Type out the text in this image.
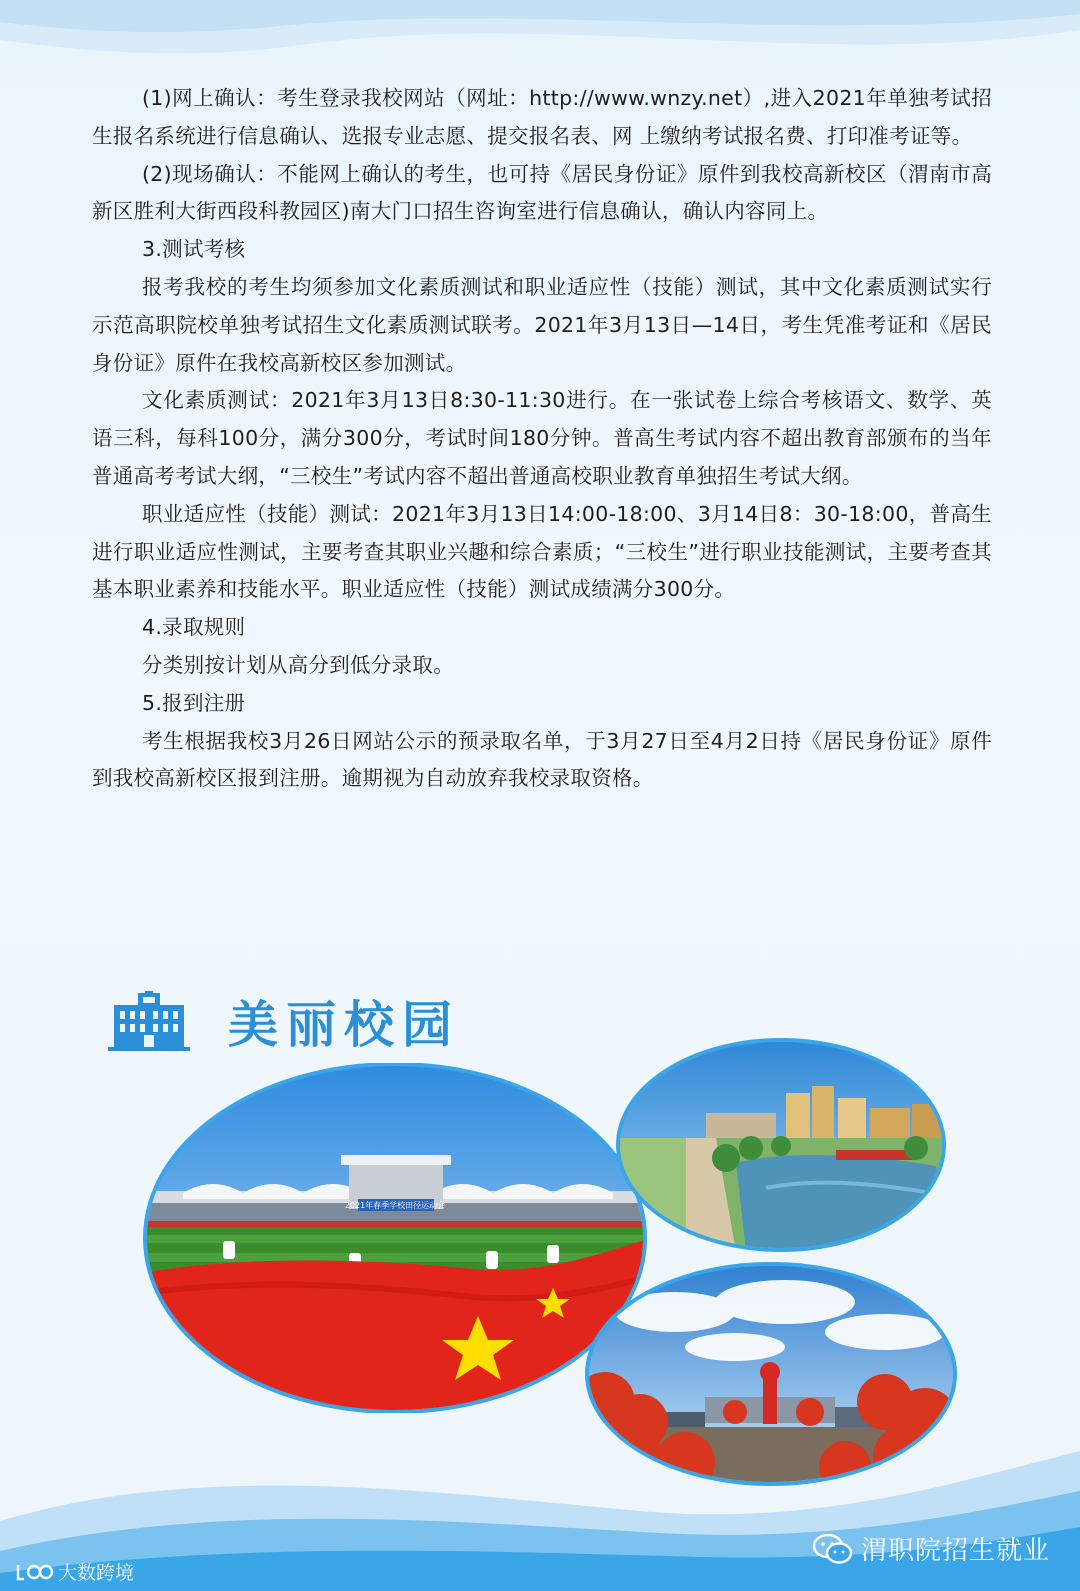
(1)网上确认：考生登录我校网站（网址：http://www.wnzy.net）,进入2021年单独考试招生报名系统进行信息确认、选报专业志愿、提交报名表、网 上缴纳考试报名费、打印准考证等。

(2)现场确认：不能网上确认的考生，也可持《居民身份证》原件到我校高新校区（渭南市高新区胜利大街西段科教园区)南大门口招生咨询室进行信息确认，确认内容同上。

3.测试考核

报考我校的考生均须参加文化素质测试和职业适应性（技能）测试，其中文化素质测试实行示范高职院校单独考试招生文化素质测试联考。2021年3月13日—14日，考生凭准考证和《居民身份证》原件在我校高新校区参加测试。

文化素质测试：2021年3月13日8:30-11:30进行。在一张试卷上综合考核语文、数学、英语三科，每科100分，满分300分，考试时间180分钟。普高生考试内容不超出教育部颁布的当年普通高考考试大纲，“三校生”考试内容不超出普通高校职业教育单独招生考试大纲。

职业适应性（技能）测试：2021年3月13日14:00-18:00、3月14日8：30-18:00，普高生进行职业适应性测试，主要考查其职业兴趣和综合素质；“三校生”进行职业技能测试，主要考查其基本职业素养和技能水平。职业适应性（技能）测试成绩满分300分。

4.录取规则

分类别按计划从高分到低分录取。

5.报到注册

考生根据我校3月26日网站公示的预录取名单，于3月27日至4月2日持《居民身份证》原件到我校高新校区报到注册。逾期视为自动放弃我校录取资格。

美丽校园
2021年春季学校田径运动会
渭职院招生就业
大数跨境
